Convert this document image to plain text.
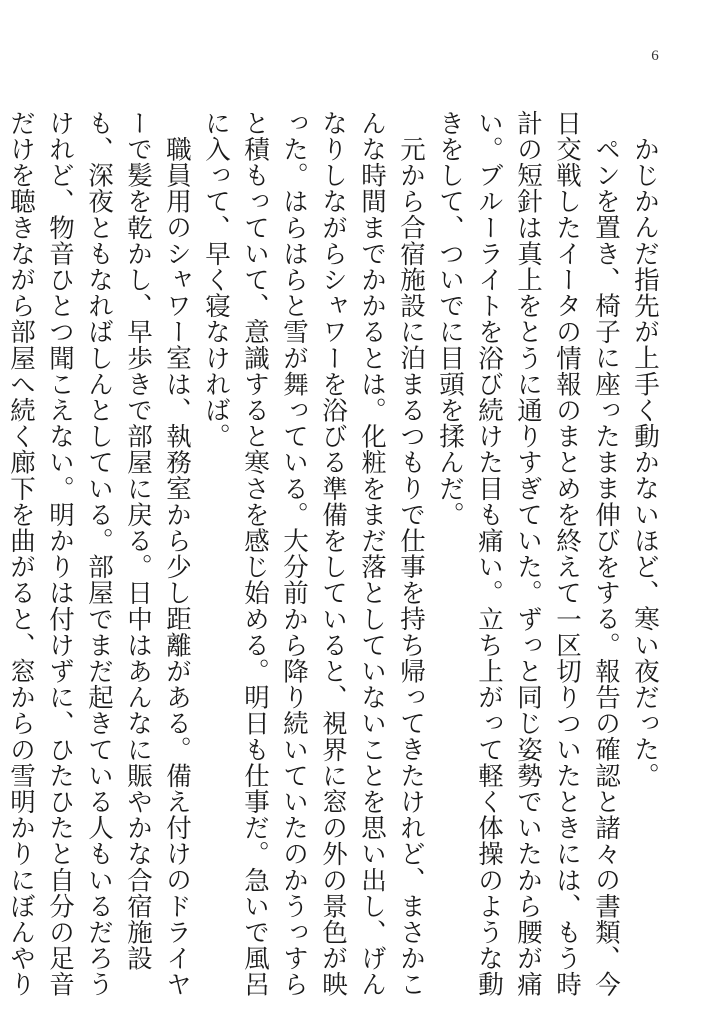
6

かじかんだ指先が上手く動かないほど、寒い夜だった。

ペンを置き、椅子に座ったまま伸びをする。報告の確認と諸々の書類、今日交戦したイータの情報のまとめを終えて一区切りついたときには、もう時計の短針は真上をとうに通りすぎていた。ずっと同じ姿勢でいたから腰が痛い。ブルーライトを浴び続けた目も痛い。立ち上がって軽く体操のような動きをして、ついでに目頭を揉んだ。

元から合宿施設に泊まるつもりで仕事を持ち帰ってきたけれど、まさかこんな時間までかかるとは。化粧をまだ落としていないことを思い出し、げんなりしながらシャワーを浴びる準備をしていると、視界に窓の外の景色が映った。はらはらと雪が舞っている。大分前から降り続いていたのかうっすらと積もっていて、意識すると寒さを感じ始める。明日も仕事だ。急いで風呂に入って、早く寝なければ。

職員用のシャワー室は、執務室から少し距離がある。備え付けのドライヤーで髪を乾かし、早歩きで部屋に戻る。日中はあんなに賑やかな合宿施設も、深夜ともなればしんとしている。部屋でまだ起きている人もいるだろうけれど、物音ひとつ聞こえない。明かりは付けずに、ひたひたと自分の足音だけを聴きながら部屋へ続く廊下を曲がると、窓からの雪明かりにぼんやり
